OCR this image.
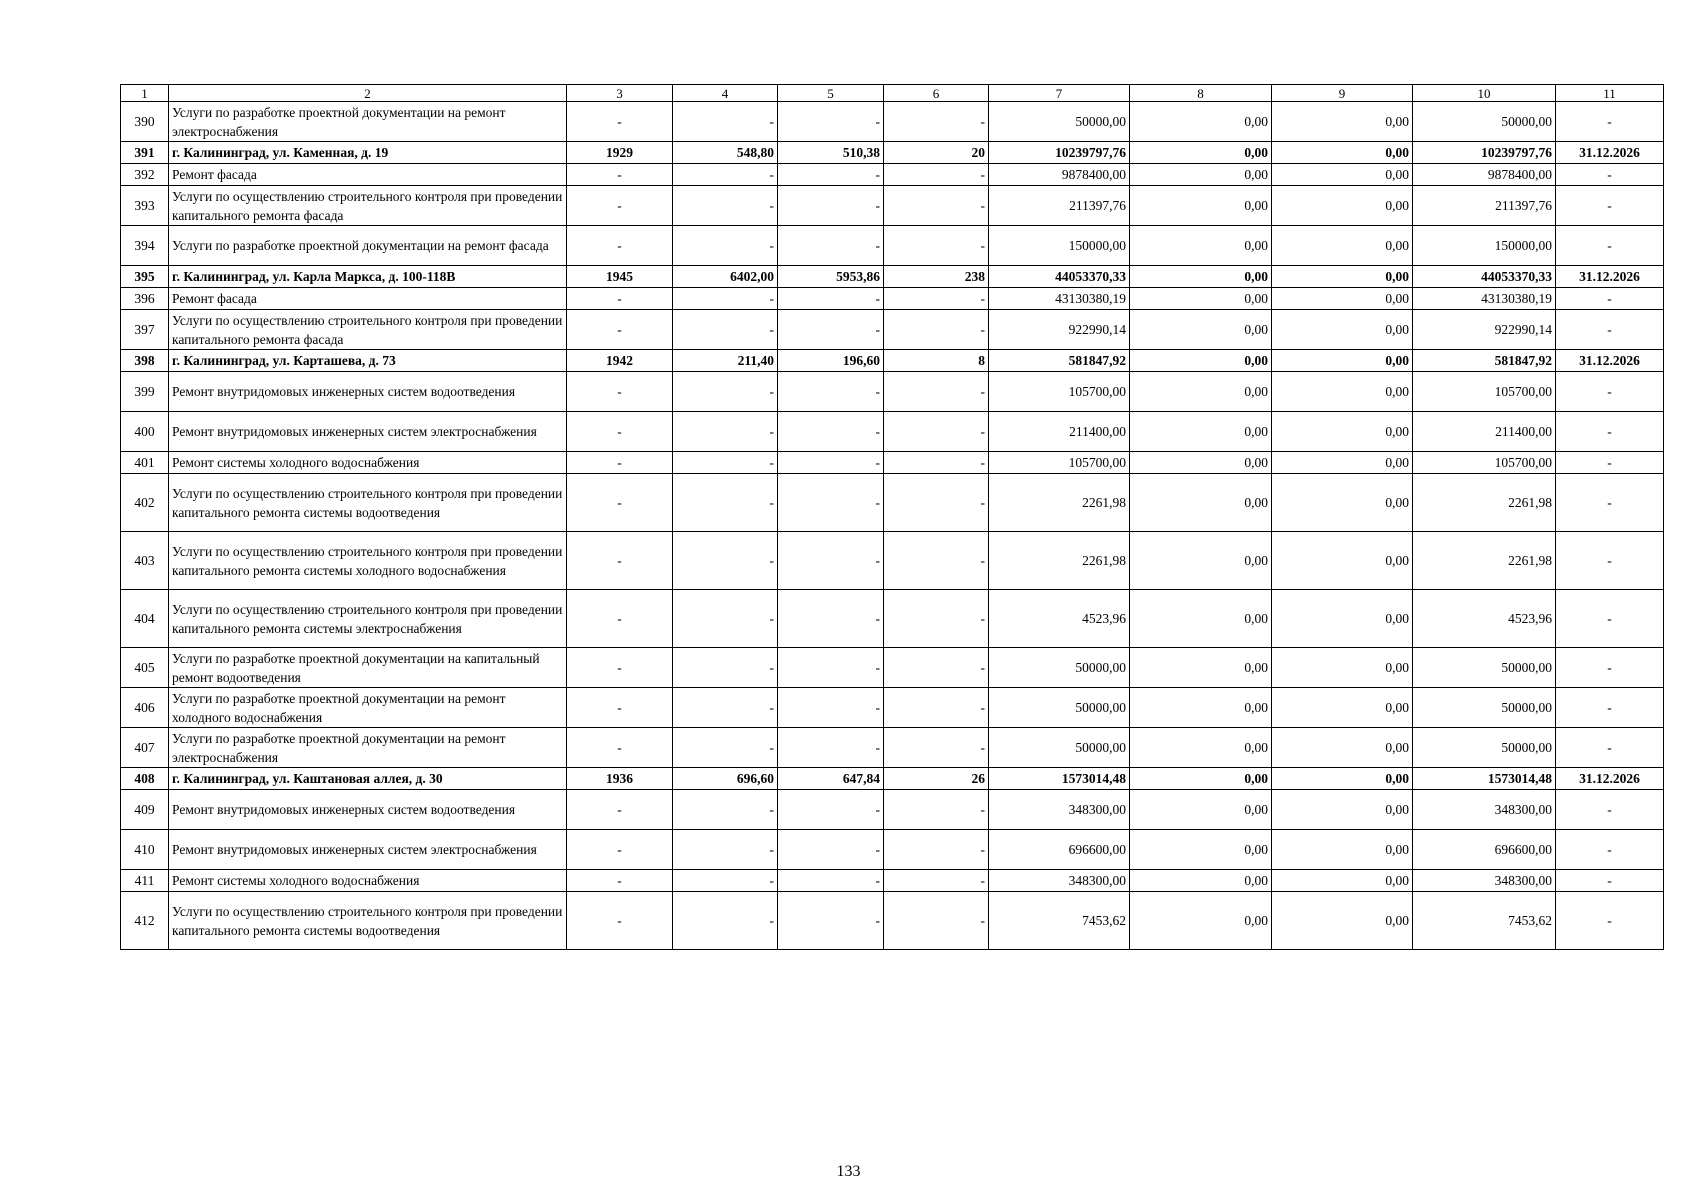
1	2	3	4	5	6	7	8	9	10	11
390	Услуги по разработке проектной документации на ремонт электроснабжения	-	-	-	-	50000,00	0,00	0,00	50000,00	-
391	г. Калининград, ул. Каменная, д. 19	1929	548,80	510,38	20	10239797,76	0,00	0,00	10239797,76	31.12.2026
392	Ремонт фасада	-	-	-	-	9878400,00	0,00	0,00	9878400,00	-
393	Услуги по осуществлению строительного контроля при проведении капитального ремонта фасада	-	-	-	-	211397,76	0,00	0,00	211397,76	-
394	Услуги по разработке проектной документации на ремонт фасада	-	-	-	-	150000,00	0,00	0,00	150000,00	-
395	г. Калининград, ул. Карла Маркса, д. 100-118В	1945	6402,00	5953,86	238	44053370,33	0,00	0,00	44053370,33	31.12.2026
396	Ремонт фасада	-	-	-	-	43130380,19	0,00	0,00	43130380,19	-
397	Услуги по осуществлению строительного контроля при проведении капитального ремонта фасада	-	-	-	-	922990,14	0,00	0,00	922990,14	-
398	г. Калининград, ул. Карташева, д. 73	1942	211,40	196,60	8	581847,92	0,00	0,00	581847,92	31.12.2026
399	Ремонт внутридомовых инженерных систем водоотведения	-	-	-	-	105700,00	0,00	0,00	105700,00	-
400	Ремонт внутридомовых инженерных систем электроснабжения	-	-	-	-	211400,00	0,00	0,00	211400,00	-
401	Ремонт системы холодного водоснабжения	-	-	-	-	105700,00	0,00	0,00	105700,00	-
402	Услуги по осуществлению строительного контроля при проведении капитального ремонта системы водоотведения	-	-	-	-	2261,98	0,00	0,00	2261,98	-
403	Услуги по осуществлению строительного контроля при проведении капитального ремонта системы холодного водоснабжения	-	-	-	-	2261,98	0,00	0,00	2261,98	-
404	Услуги по осуществлению строительного контроля при проведении капитального ремонта системы электроснабжения	-	-	-	-	4523,96	0,00	0,00	4523,96	-
405	Услуги по разработке проектной документации на капитальный ремонт водоотведения	-	-	-	-	50000,00	0,00	0,00	50000,00	-
406	Услуги по разработке проектной документации на ремонт холодного водоснабжения	-	-	-	-	50000,00	0,00	0,00	50000,00	-
407	Услуги по разработке проектной документации на ремонт электроснабжения	-	-	-	-	50000,00	0,00	0,00	50000,00	-
408	г. Калининград, ул. Каштановая аллея, д. 30	1936	696,60	647,84	26	1573014,48	0,00	0,00	1573014,48	31.12.2026
409	Ремонт внутридомовых инженерных систем водоотведения	-	-	-	-	348300,00	0,00	0,00	348300,00	-
410	Ремонт внутридомовых инженерных систем электроснабжения	-	-	-	-	696600,00	0,00	0,00	696600,00	-
411	Ремонт системы холодного водоснабжения	-	-	-	-	348300,00	0,00	0,00	348300,00	-
412	Услуги по осуществлению строительного контроля при проведении капитального ремонта системы водоотведения	-	-	-	-	7453,62	0,00	0,00	7453,62	-
133
